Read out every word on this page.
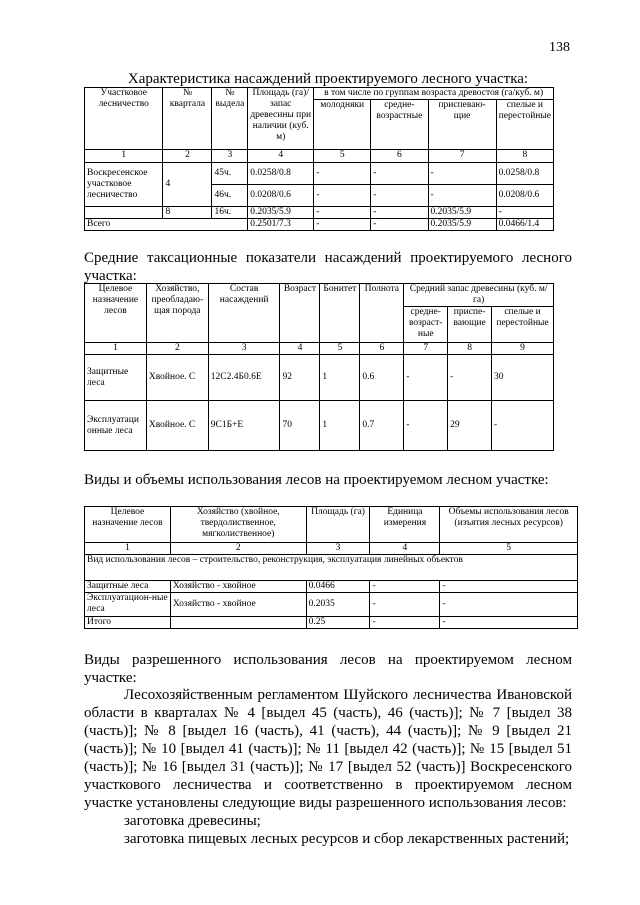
138
Характеристика насаждений проектируемого лесного участка:
Участковое лесничество	№ квартала	№ выдела	Площадь (га)/запас древесины при наличии (куб. м)	в том числе по группам возраста древостоя (га/куб. м)			
				молодняки	средне-возрастные	приспеваю-щие	спелые и перестойные
1	2	3	4	5	6	7	8
Воскресенское участковое лесничество	4	45ч.	0.0258/0.8	-	-	-	0.0258/0.8
		46ч.	0.0208/0.6	-	-	-	0.0208/0.6
	8	16ч.	0.2035/5.9	-	-	0.2035/5.9	-
Всего			0.2501/7.3	-	-	0.2035/5.9	0.0466/1.4
Средние таксационные показатели насаждений проектируемого лесного участка:
Целевое назначение лесов	Хозяйство, преобладаю-щая порода	Состав насаждений	Возраст	Бонитет	Полнота	Средний запас древесины (куб. м/га)		
						средне-возраст-ные	приспе-вающие	спелые и перестойные
1	2	3	4	5	6	7	8	9
Защитные леса	Хвойное. С	12С2.4Б0.6Е	92	1	0.6	-	-	30
Эксплуатаци онные леса	Хвойное. С	9С1Б+Е	70	1	0.7	-	29	-
Виды и объемы использования лесов на проектируемом лесном участке:
Целевое назначение лесов	Хозяйство (хвойное, твердолиственное, мягколиственное)	Площадь (га)	Единица измерения	Объемы использования лесов (изъятия лесных ресурсов)
1	2	3	4	5
Вид использования лесов – строительство, реконструкция, эксплуатация линейных объектов				
Защитные леса	Хозяйство - хвойное	0.0466	-	-
Эксплуатацион-ные леса	Хозяйство - хвойное	0.2035	-	-
Итого		0.25	-	-
Виды разрешенного использования лесов на проектируемом лесном участке:
Лесохозяйственным регламентом Шуйского лесничества Ивановской области в кварталах № 4 [выдел 45 (часть), 46 (часть)]; № 7 [выдел 38 (часть)]; № 8 [выдел 16 (часть), 41 (часть), 44 (часть)]; № 9 [выдел 21 (часть)]; № 10 [выдел 41 (часть)]; № 11 [выдел 42 (часть)]; № 15 [выдел 51 (часть)]; № 16 [выдел 31 (часть)]; № 17 [выдел 52 (часть)] Воскресенского участкового лесничества и соответственно в проектируемом лесном участке установлены следующие виды разрешенного использования лесов:
заготовка древесины;
заготовка пищевых лесных ресурсов и сбор лекарственных растений;
